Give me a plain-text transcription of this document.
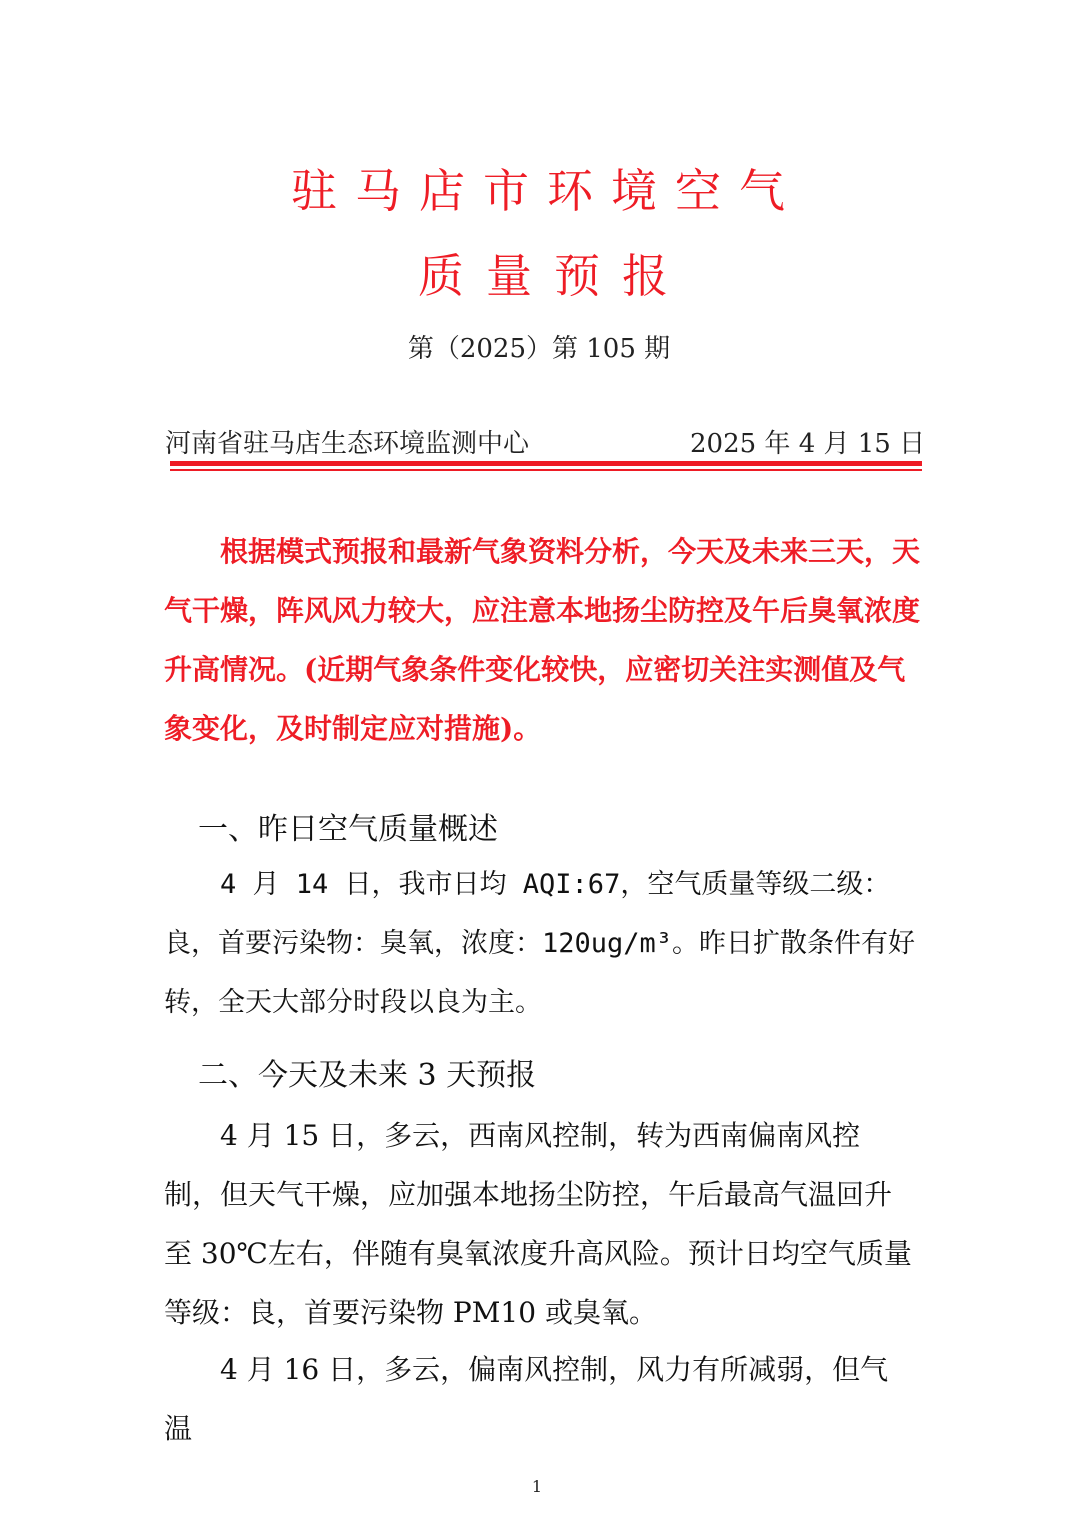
驻马店市环境空气
质量预报
第（2025）第 105 期
河南省驻马店生态环境监测中心	2025 年 4 月 15 日
根据模式预报和最新气象资料分析，今天及未来三天，天气干燥，阵风风力较大，应注意本地扬尘防控及午后臭氧浓度升高情况。(近期气象条件变化较快，应密切关注实测值及气象变化，及时制定应对措施)。
一、昨日空气质量概述
4 月 14 日，我市日均 AQI:67，空气质量等级二级：良，首要污染物：臭氧，浓度：120ug/m³。昨日扩散条件有好转，全天大部分时段以良为主。
二、今天及未来 3 天预报
4 月 15 日，多云，西南风控制，转为西南偏南风控制，但天气干燥，应加强本地扬尘防控，午后最高气温回升至 30℃左右，伴随有臭氧浓度升高风险。预计日均空气质量等级：良，首要污染物 PM10 或臭氧。
4 月 16 日，多云，偏南风控制，风力有所减弱，但气温
1
